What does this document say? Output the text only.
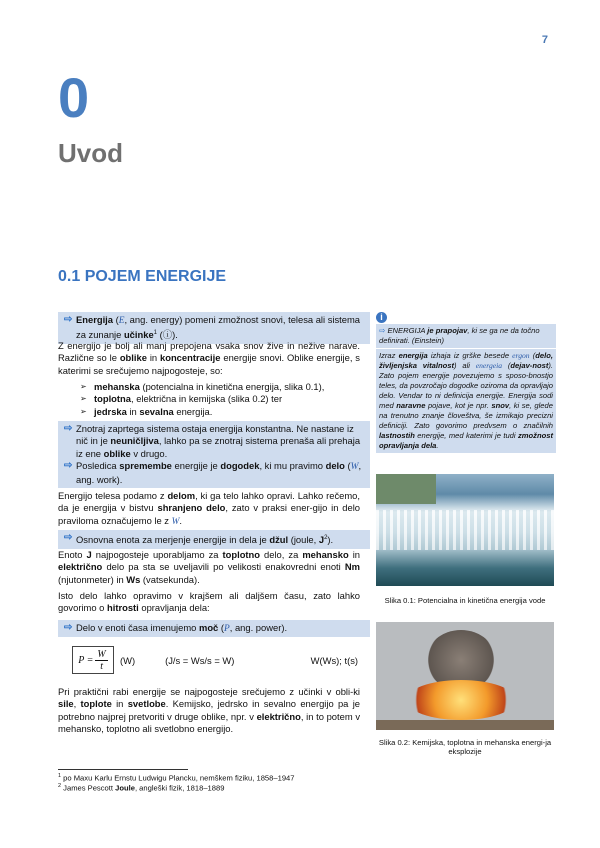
7
0
Uvod
0.1 POJEM ENERGIJE
⇨ Energija (E, ang. energy) pomeni zmožnost snovi, telesa ali sistema za zunanje učinke$^1$ (ⓘ).
Z energijo je bolj ali manj prepojena vsaka snov žive in nežive narave. Različne so le oblike in koncentracije energije snovi. Oblike energije, s katerimi se srečujemo najpogosteje, so:
➢ mehanska (potencialna in kinetična energija, slika 0.1),
➢ toplotna, električna in kemijska (slika 0.2) ter
➢ jedrska in sevalna energija.
⇨ Znotraj zaprtega sistema ostaja energija konstantna. Ne nastane iz nič in je neuničljiva, lahko pa se znotraj sistema prenaša ali prehaja iz ene oblike v drugo.
⇨ Posledica spremembe energije je dogodek, ki mu pravimo delo (W, ang. work).
Energijo telesa podamo z delom, ki ga telo lahko opravi. Lahko rečemo, da je energija v bistvu shranjeno delo, zato v praksi ener-gijo in delo praviloma označujemo le z W.
⇨ Osnovna enota za merjenje energije in dela je džul (joule, $J^2$).
Enoto J najpogosteje uporabljamo za toplotno delo, za mehansko in električno delo pa sta se uveljavili po velikosti enakovredni enoti Nm (njutonmeter) in Ws (vatsekunda).
Isto delo lahko opravimo v krajšem ali daljšem času, zato lahko govorimo o hitrosti opravljanja dela:
⇨ Delo v enoti časa imenujemo moč (P, ang. power).
$P = \frac{W}{t} (W)$	(J/s = Ws/s = W)	W(Ws); t(s)
Pri praktični rabi energije se najpogosteje srečujemo z učinki v obli-ki sile, toplote in svetlobe. Kemijsko, jedrsko in sevalno energijo pa je potrebno najprej pretvoriti v druge oblike, npr. v električno, in to potem v mehansko, toplotno ali svetlobno energijo.
i
⇨ ENERGIJA je prapojav, ki se ga ne da točno definirati. (Einstein)
Izraz energija izhaja iz grške besede ergon (delo, življenjska vitalnost) ali energeia (dejav-nost). Zato pojem energije povezujemo s sposo-bnostjo teles, da povzročajo dogodke oziroma da opravljajo delo. Vendar to ni definicija energije. Energija sodi med naravne pojave, kot je npr. snov, ki se, glede na trenutno znanje človeštva, še izmikajo precizni definiciji. Zato govorimo predvsem o značilnih lastnostih energije, med katerimi je tudi zmožnost opravljanja dela.
Slika 0.1: Potencialna in kinetična energija vode
Slika 0.2: Kemijska, toplotna in mehanska energi-ja eksplozije
$^1$ po Maxu Karlu Ernstu Ludwigu Plancku, nemškem fiziku, 1858–1947
$^2$ James Pescott Joule, angleški fizik, 1818–1889
